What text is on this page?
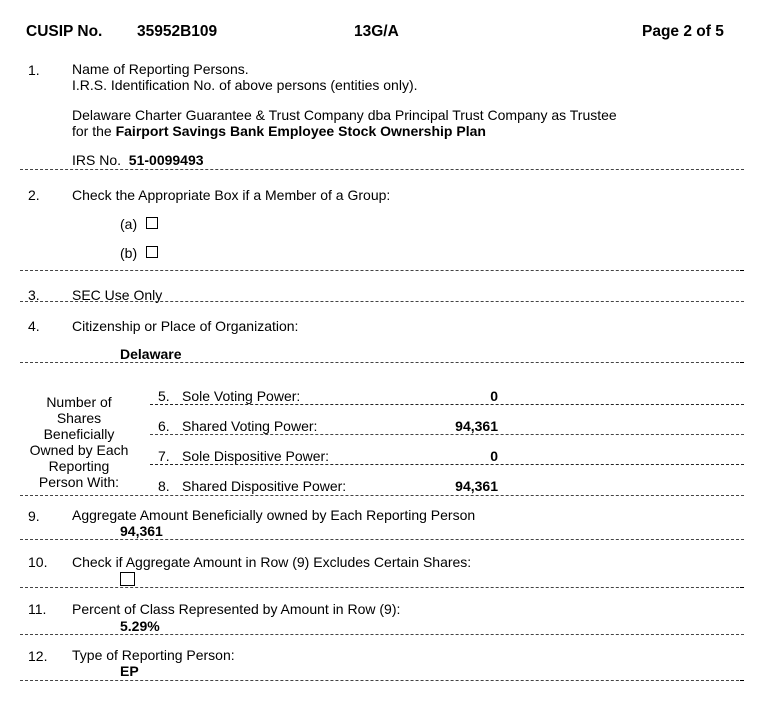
CUSIP No. 35952B109	13G/A	Page 2 of 5
1. Name of Reporting Persons.
I.R.S. Identification No. of above persons (entities only).
Delaware Charter Guarantee & Trust Company dba Principal Trust Company as Trustee
for the Fairport Savings Bank Employee Stock Ownership Plan
IRS No. 51-0099493
2. Check the Appropriate Box if a Member of a Group:
(a)
(b)
3. SEC Use Only
4. Citizenship or Place of Organization:
Delaware
Number of
Shares
Beneficially
Owned by Each
Reporting
Person With:
5. Sole Voting Power:	0
6. Shared Voting Power:	94,361
7. Sole Dispositive Power:	0
8. Shared Dispositive Power:	94,361
9. Aggregate Amount Beneficially owned by Each Reporting Person
94,361
10. Check if Aggregate Amount in Row (9) Excludes Certain Shares:
11. Percent of Class Represented by Amount in Row (9):
5.29%
12. Type of Reporting Person:
EP
